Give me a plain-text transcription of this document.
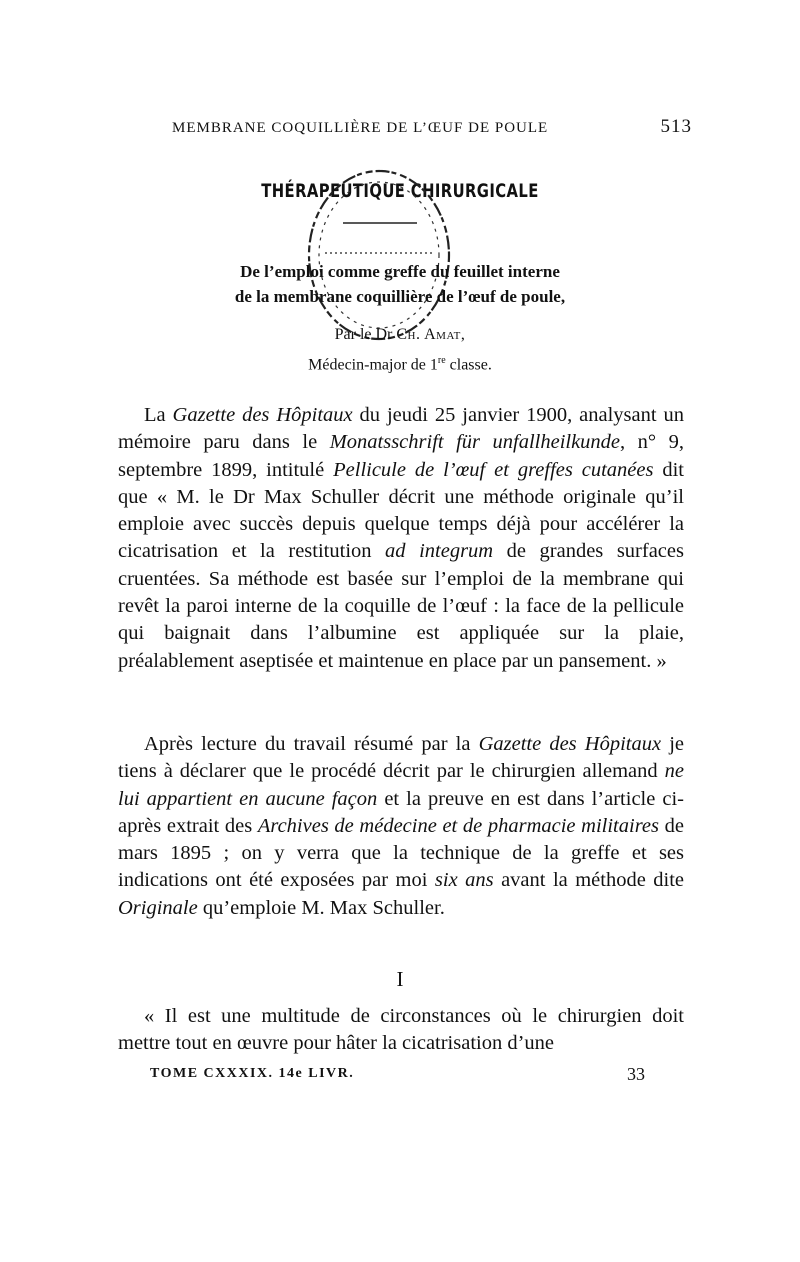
MEMBRANE COQUILLIÈRE DE L’ŒUF DE POULE	513
THÉRAPEUTIQUE CHIRURGICALE
De l’emploi comme greffe du feuillet interne
de la membrane coquillière de l’œuf de poule,
Par le Dr Ch. Amat,
Médecin-major de 1re classe.

La Gazette des Hôpitaux du jeudi 25 janvier 1900, analysant un mémoire paru dans le Monatsschrift für unfallheilkunde, n° 9, septembre 1899, intitulé Pellicule de l’œuf et greffes cutanées dit que « M. le Dr Max Schuller décrit une méthode originale qu’il emploie avec succès depuis quelque temps déjà pour accélérer la cicatrisation et la restitution ad integrum de grandes surfaces cruentées. Sa méthode est basée sur l’emploi de la membrane qui revêt la paroi interne de la coquille de l’œuf : la face de la pellicule qui baignait dans l’albumine est appliquée sur la plaie, préalablement aseptisée et maintenue en place par un pansement. »

Après lecture du travail résumé par la Gazette des Hôpitaux je tiens à déclarer que le procédé décrit par le chirurgien allemand ne lui appartient en aucune façon et la preuve en est dans l’article ci-après extrait des Archives de médecine et de pharmacie militaires de mars 1895 ; on y verra que la technique de la greffe et ses indications ont été exposées par moi six ans avant la méthode dite Originale qu’emploie M. Max Schuller.

I

« Il est une multitude de circonstances où le chirurgien doit mettre tout en œuvre pour hâter la cicatrisation d’une

TOME CXXXIX. 14e LIVR.	33
